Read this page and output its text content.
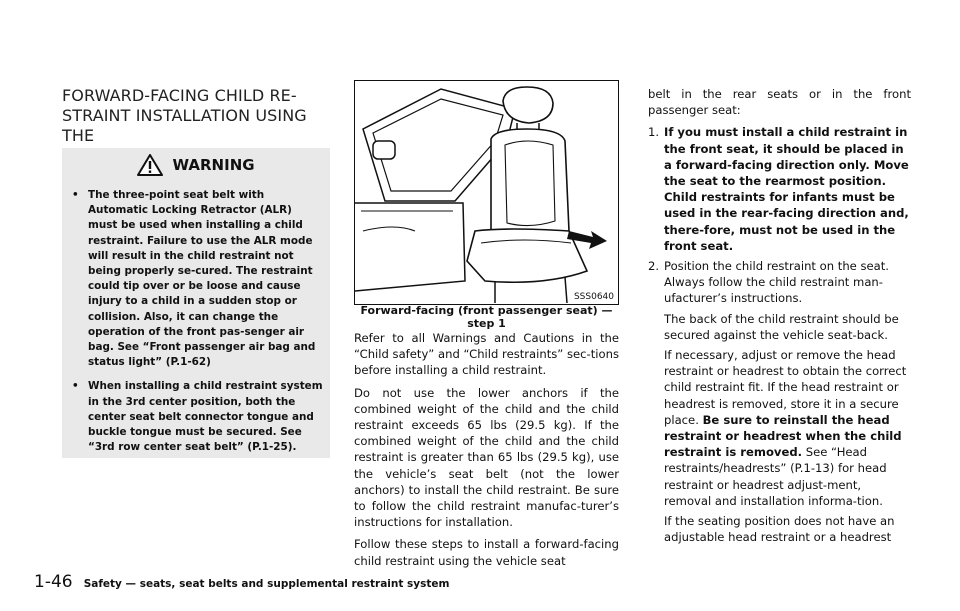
FORWARD-FACING CHILD RE-

STRAINT INSTALLATION USING THE

WARNING
• The three-point seat belt with Automatic Locking Retractor (ALR) must be used when installing a child restraint. Failure to use the ALR mode will result in the child restraint not being properly se-cured. The restraint could tip over or be loose and cause injury to a child in a sudden stop or collision. Also, it can change the operation of the front pas-senger air bag. See “Front passenger air bag and status light” (P.1-62)
• When installing a child restraint system in the 3rd center position, both the center seat belt connector tongue and buckle tongue must be secured. See “3rd row center seat belt” (P.1-25).
SSS0640
Forward-facing (front passenger seat) —
step 1

Refer to all Warnings and Cautions in the “Child safety” and “Child restraints” sec-tions before installing a child restraint.

Do not use the lower anchors if the combined weight of the child and the child restraint exceeds 65 lbs (29.5 kg). If the combined weight of the child and the child restraint is greater than 65 lbs (29.5 kg), use the vehicle’s seat belt (not the lower anchors) to install the child restraint. Be sure to follow the child restraint manufac-turer’s instructions for installation.

Follow these steps to install a forward-facing child restraint using the vehicle seat

belt in the rear seats or in the front passenger seat:

1. If you must install a child restraint in the front seat, it should be placed in a forward-facing direction only. Move the seat to the rearmost position. Child restraints for infants must be used in the rear-facing direction and, there-fore, must not be used in the front seat.
2. Position the child restraint on the seat. Always follow the child restraint man-ufacturer’s instructions.

The back of the child restraint should be secured against the vehicle seat-back.

If necessary, adjust or remove the head restraint or headrest to obtain the correct child restraint fit. If the head restraint or headrest is removed, store it in a secure place. Be sure to reinstall the head restraint or headrest when the child restraint is removed. See “Head restraints/headrests” (P.1-13) for head restraint or headrest adjust-ment, removal and installation informa-tion.

If the seating position does not have an adjustable head restraint or a headrest

1-46 Safety — seats, seat belts and supplemental restraint system
